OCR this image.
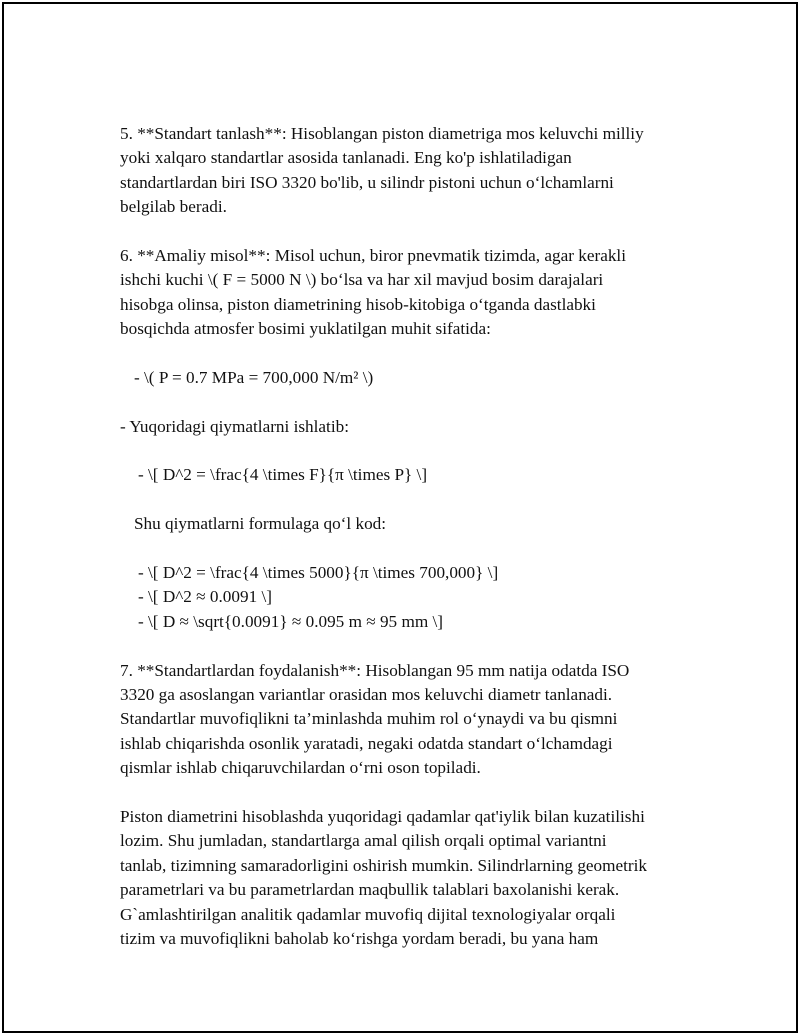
5. **Standart tanlash**: Hisoblangan piston diametriga mos keluvchi milliy
yoki xalqaro standartlar asosida tanlanadi. Eng ko'p ishlatiladigan
standartlardan biri ISO 3320 bo'lib, u silindr pistoni uchun o‘lchamlarni
belgilab beradi.
6. **Amaliy misol**: Misol uchun, biror pnevmatik tizimda, agar kerakli
ishchi kuchi \( F = 5000 N \) bo‘lsa va har xil mavjud bosim darajalari
hisobga olinsa, piston diametrining hisob-kitobiga o‘tganda dastlabki
bosqichda atmosfer bosimi yuklatilgan muhit sifatida:
- \( P = 0.7 MPa = 700,000 N/m² \)
- Yuqoridagi qiymatlarni ishlatib:
- \[ D^2 = \frac{4 \times F}{π \times P} \]
Shu qiymatlarni formulaga qo‘l kod:
- \[ D^2 = \frac{4 \times 5000}{π \times 700,000} \]
- \[ D^2 ≈ 0.0091 \]
- \[ D ≈ \sqrt{0.0091} ≈ 0.095 m ≈ 95 mm \]
7. **Standartlardan foydalanish**: Hisoblangan 95 mm natija odatda ISO
3320 ga asoslangan variantlar orasidan mos keluvchi diametr tanlanadi.
Standartlar muvofiqlikni ta’minlashda muhim rol o‘ynaydi va bu qismni
ishlab chiqarishda osonlik yaratadi, negaki odatda standart o‘lchamdagi
qismlar ishlab chiqaruvchilardan o‘rni oson topiladi.
Piston diametrini hisoblashda yuqoridagi qadamlar qat'iylik bilan kuzatilishi
lozim. Shu jumladan, standartlarga amal qilish orqali optimal variantni
tanlab, tizimning samaradorligini oshirish mumkin. Silindrlarning geometrik
parametrlari va bu parametrlardan maqbullik talablari baxolanishi kerak.
G`amlashtirilgan analitik qadamlar muvofiq dijital texnologiyalar orqali
tizim va muvofiqlikni baholab ko‘rishga yordam beradi, bu yana ham
